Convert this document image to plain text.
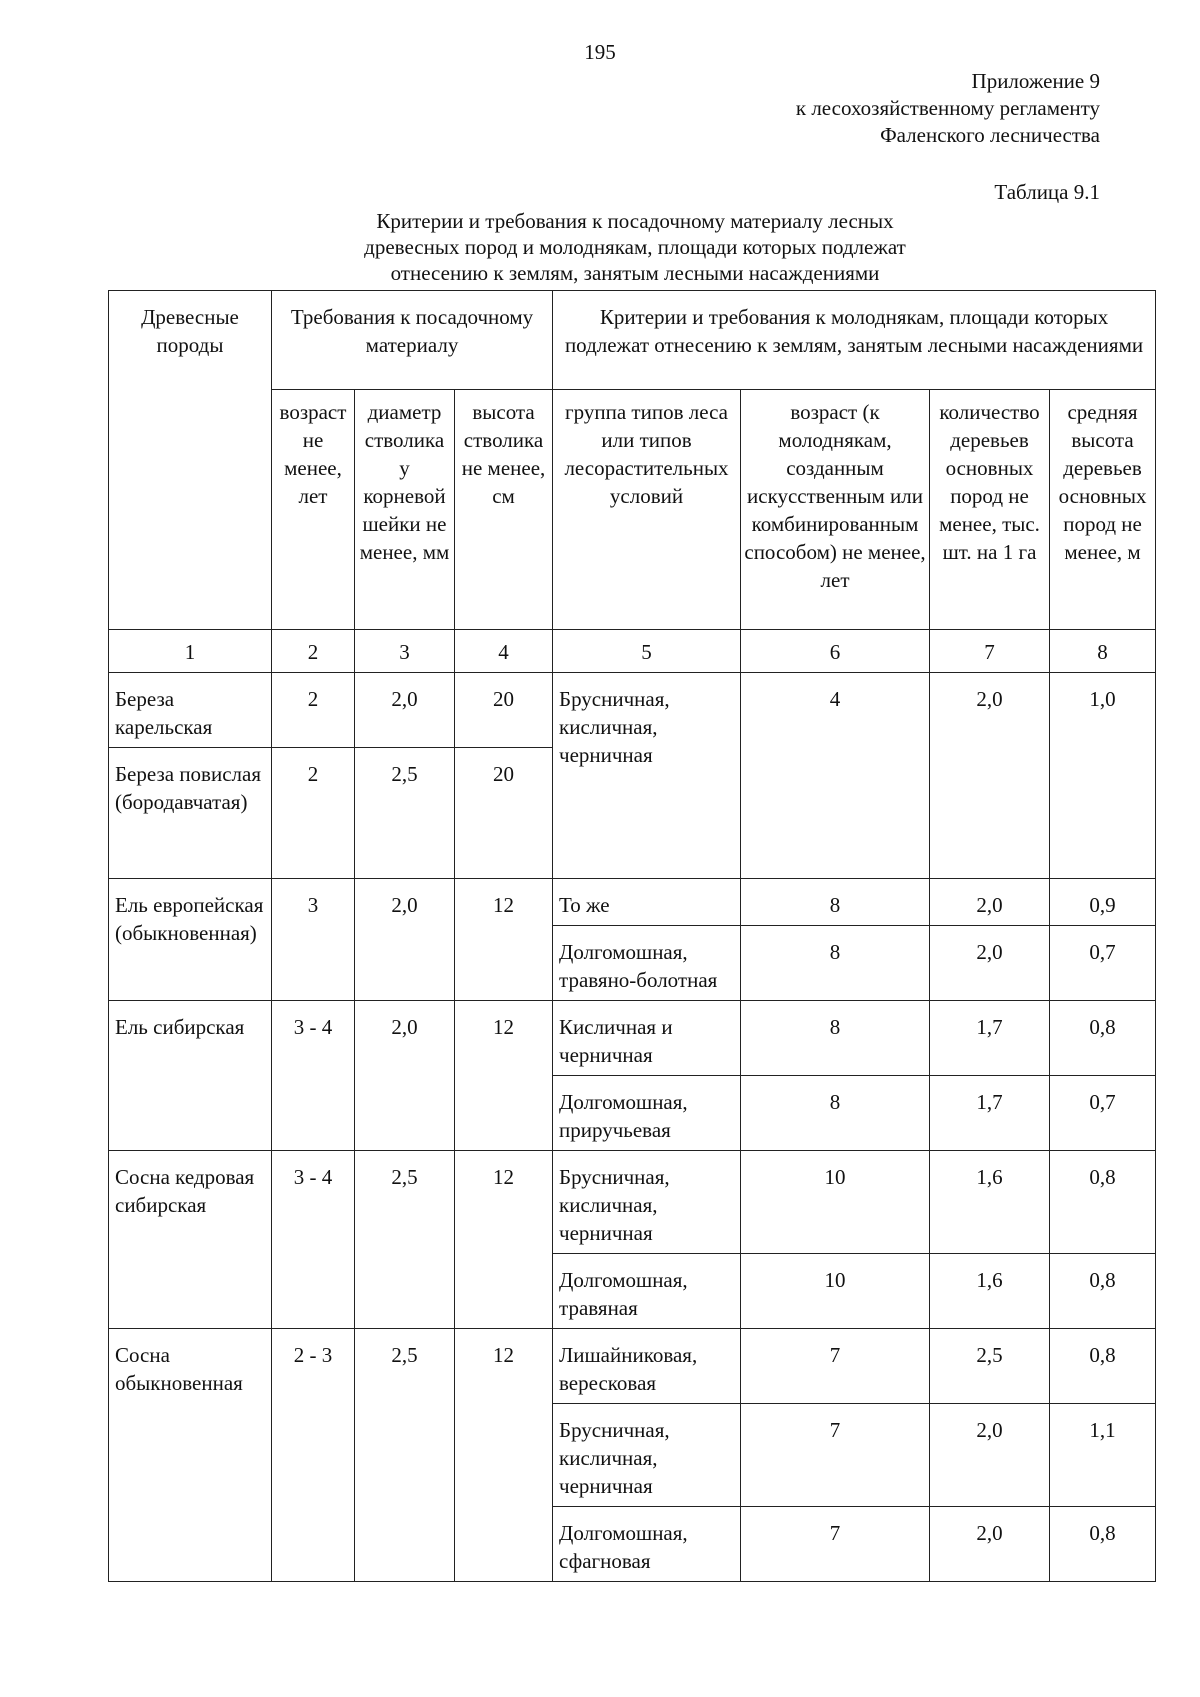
195
Приложение 9
к лесохозяйственному регламенту
Фаленского лесничества
Таблица 9.1
Критерии и требования к посадочному материалу лесных
древесных пород и молоднякам, площади которых подлежат
отнесению к землям, занятым лесными насаждениями
Древесные породы	Требования к посадочному материалу			Критерии и требования к молоднякам, площади которых подлежат отнесению к землям, занятым лесными насаждениями			
	возраст не менее, лет	диаметр стволика у корневой шейки не менее, мм	высота стволика не менее, см	группа типов леса или типов лесорастительных условий	возраст (к молоднякам, созданным искусственным или комбинированным способом) не менее, лет	количество деревьев основных пород не менее, тыс. шт. на 1 га	средняя высота деревьев основных пород не менее, м
1	2	3	4	5	6	7	8
Береза карельская	2	2,0	20	Брусничная, кисличная, черничная	4	2,0	1,0
Береза повислая (бородавчатая)	2	2,5	20				
Ель европейская (обыкновенная)	3	2,0	12	То же	8	2,0	0,9
				Долгомошная, травяно-болотная	8	2,0	0,7
Ель сибирская	3 - 4	2,0	12	Кисличная и черничная	8	1,7	0,8
				Долгомошная, приручьевая	8	1,7	0,7
Сосна кедровая сибирская	3 - 4	2,5	12	Брусничная, кисличная, черничная	10	1,6	0,8
				Долгомошная, травяная	10	1,6	0,8
Сосна обыкновенная	2 - 3	2,5	12	Лишайниковая, вересковая	7	2,5	0,8
				Брусничная, кисличная, черничная	7	2,0	1,1
				Долгомошная, сфагновая	7	2,0	0,8
